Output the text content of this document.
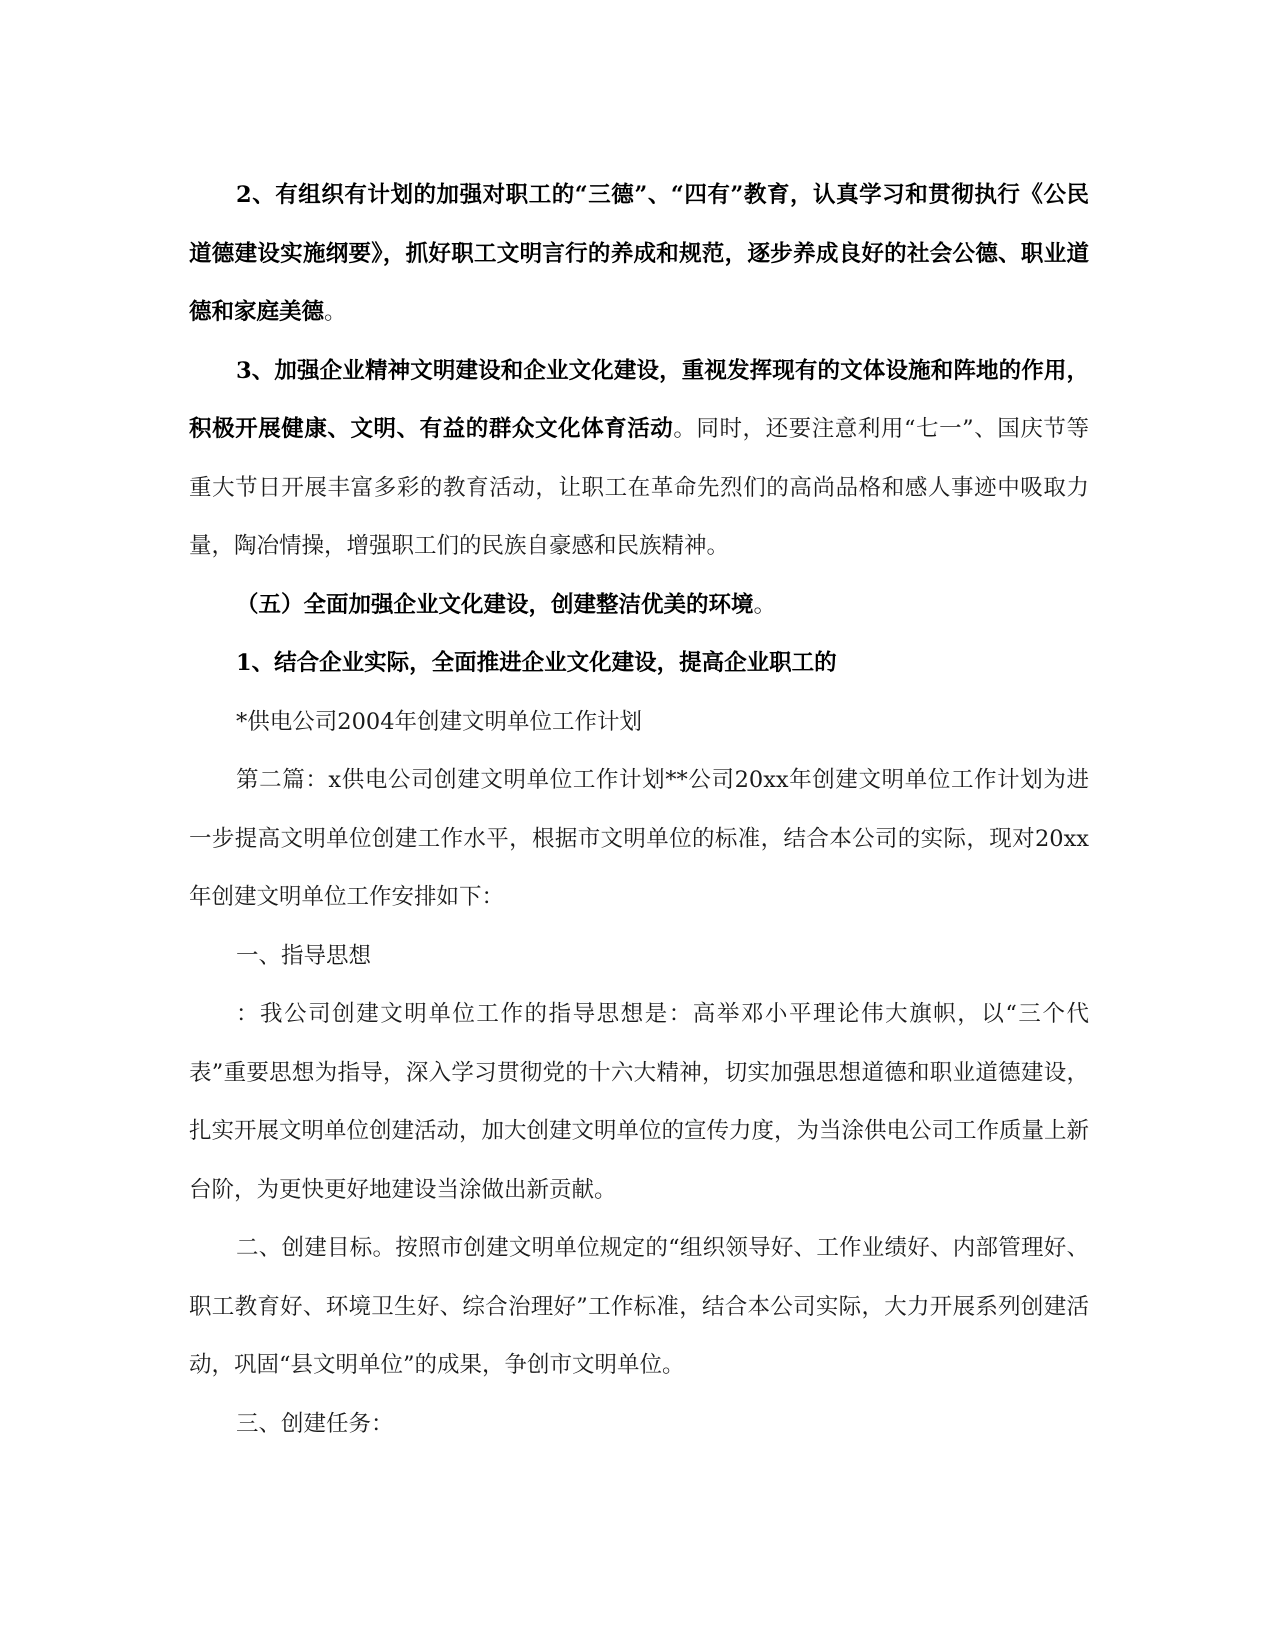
2、有组织有计划的加强对职工的“三德”、“四有”教育，认真学习和贯彻执行《公民道德建设实施纲要》，抓好职工文明言行的养成和规范，逐步养成良好的社会公德、职业道德和家庭美德。

3、加强企业精神文明建设和企业文化建设，重视发挥现有的文体设施和阵地的作用，积极开展健康、文明、有益的群众文化体育活动。同时，还要注意利用“七一”、国庆节等重大节日开展丰富多彩的教育活动，让职工在革命先烈们的高尚品格和感人事迹中吸取力量，陶冶情操，增强职工们的民族自豪感和民族精神。

（五）全面加强企业文化建设，创建整洁优美的环境。

1、结合企业实际，全面推进企业文化建设，提高企业职工的

*供电公司2004年创建文明单位工作计划

第二篇：x供电公司创建文明单位工作计划**公司20xx年创建文明单位工作计划为进一步提高文明单位创建工作水平，根据市文明单位的标准，结合本公司的实际，现对20xx年创建文明单位工作安排如下：

一、指导思想

：我公司创建文明单位工作的指导思想是：高举邓小平理论伟大旗帜，以“三个代表”重要思想为指导，深入学习贯彻党的十六大精神，切实加强思想道德和职业道德建设，扎实开展文明单位创建活动，加大创建文明单位的宣传力度，为当涂供电公司工作质量上新台阶，为更快更好地建设当涂做出新贡献。

二、创建目标。按照市创建文明单位规定的“组织领导好、工作业绩好、内部管理好、职工教育好、环境卫生好、综合治理好”工作标准，结合本公司实际，大力开展系列创建活动，巩固“县文明单位”的成果，争创市文明单位。

三、创建任务：
